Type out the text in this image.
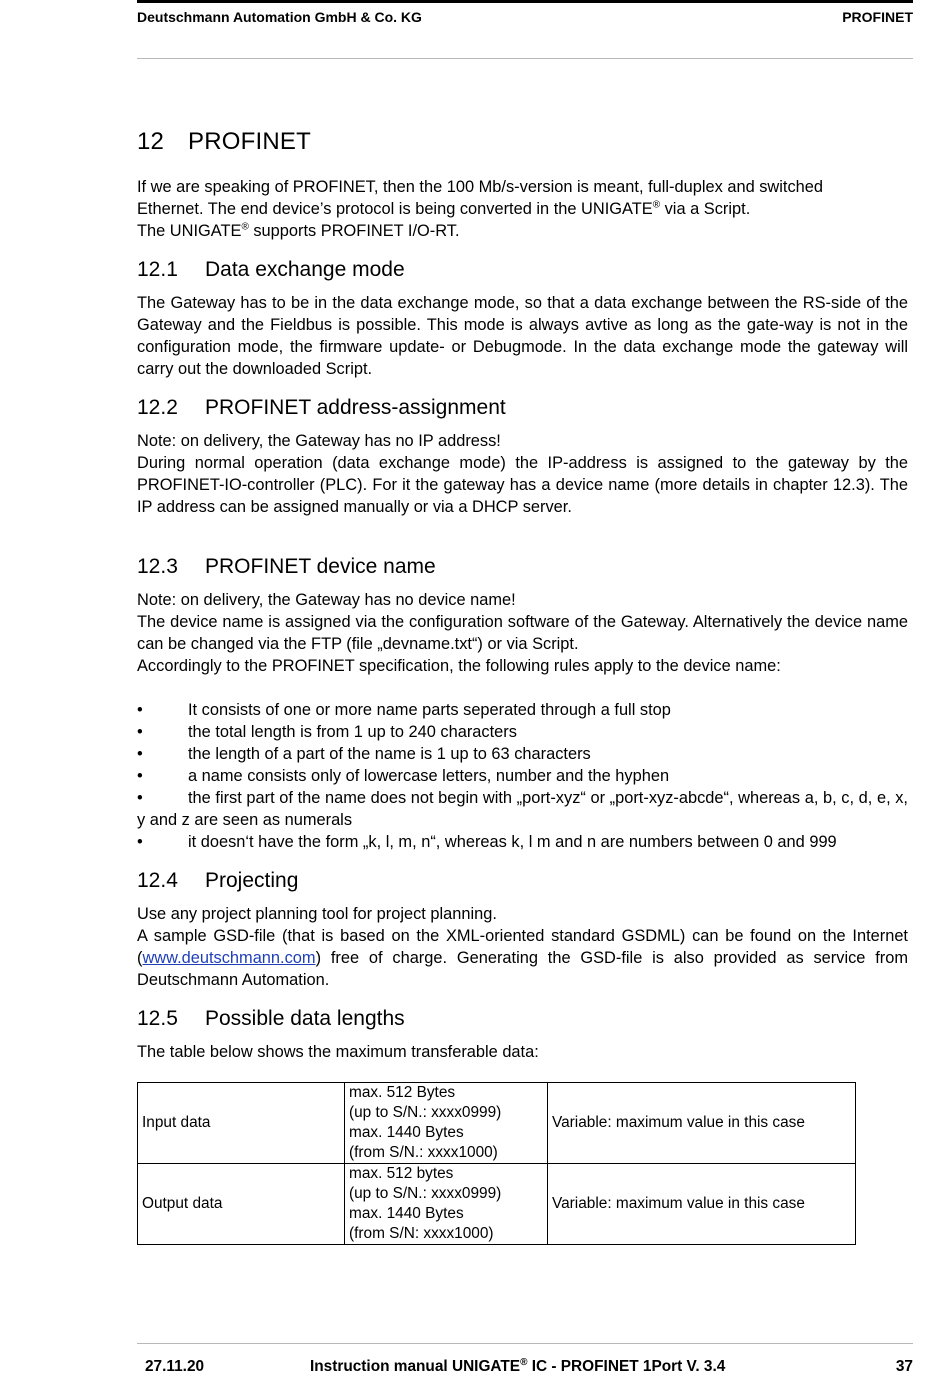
Deutschmann Automation GmbH & Co. KG	PROFINET
12 PROFINET

If we are speaking of PROFINET, then the 100 Mb/s-version is meant, full-duplex and switched
Ethernet. The end device’s protocol is being converted in the UNIGATE® via a Script.
The UNIGATE® supports PROFINET I/O-RT.

12.1 Data exchange mode

The Gateway has to be in the data exchange mode, so that a data exchange between the RS-side of the Gateway and the Fieldbus is possible. This mode is always avtive as long as the gate-way is not in the configuration mode, the firmware update- or Debugmode. In the data exchange mode the gateway will carry out the downloaded Script.

12.2 PROFINET address-assignment

Note: on delivery, the Gateway has no IP address!

During normal operation (data exchange mode) the IP-address is assigned to the gateway by the PROFINET-IO-controller (PLC). For it the gateway has a device name (more details in chapter 12.3). The IP address can be assigned manually or via a DHCP server.

12.3 PROFINET device name

Note: on delivery, the Gateway has no device name!

The device name is assigned via the configuration software of the Gateway. Alternatively the device name can be changed via the FTP (file „devname.txt“) or via Script.

Accordingly to the PROFINET specification, the following rules apply to the device name:

•	It consists of one or more name parts seperated through a full stop
•	the total length is from 1 up to 240 characters
•	the length of a part of the name is 1 up to 63 characters
•	a name consists only of lowercase letters, number and the hyphen
•	the first part of the name does not begin with „port-xyz“ or „port-xyz-abcde“, whereas a, b, c, d, e, x, y and z are seen as numerals
•	it doesn‘t have the form „k, l, m, n“, whereas k, l m and n are numbers between 0 and 999
12.4 Projecting

Use any project planning tool for project planning.

A sample GSD-file (that is based on the XML-oriented standard GSDML) can be found on the Internet (www.deutschmann.com) free of charge. Generating the GSD-file is also provided as service from Deutschmann Automation.

12.5 Possible data lengths

The table below shows the maximum transferable data:

Input data	max. 512 Bytes
(up to S/N.: xxxx0999)
max. 1440 Bytes
(from S/N.: xxxx1000)	Variable: maximum value in this case
Output data	max. 512 bytes
(up to S/N.: xxxx0999)
max. 1440 Bytes
(from S/N: xxxx1000)	Variable: maximum value in this case
27.11.20	Instruction manual UNIGATE® IC - PROFINET 1Port V. 3.4	37
